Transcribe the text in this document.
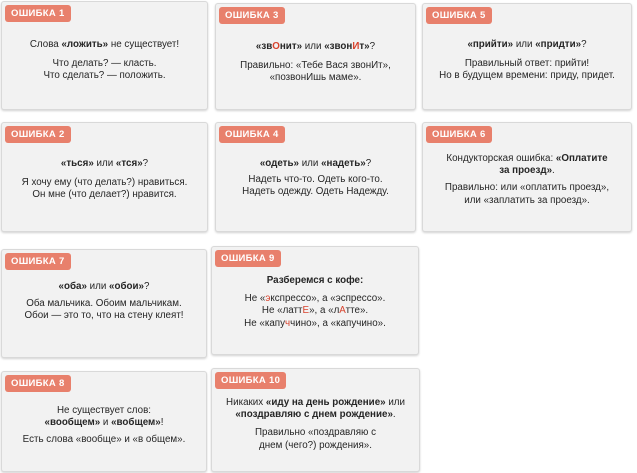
ОШИБКА 1

Слова «ложить» не существует!

Что делать? — класть.

Что сделать? — положить.

ОШИБКА 3

«звОнит» или «звонИт»?

Правильно: «Тебе Вася звонИт»,

«позвонИшь маме».

ОШИБКА 5

«прийти» или «придти»?

Правильный ответ: прийти!

Но в будущем времени: приду, придет.

ОШИБКА 2

«ться» или «тся»?

Я хочу ему (что делать?) нравиться.

Он мне (что делает?) нравится.

ОШИБКА 4

«одеть» или «надеть»?

Надеть что-то. Одеть кого-то.

Надеть одежду. Одеть Надежду.

ОШИБКА 6

Кондукторская ошибка: «Оплатите

за проезд».

Правильно: или «оплатить проезд»,

или «заплатить за проезд».

ОШИБКА 7

«оба» или «обои»?

Оба мальчика. Обоим мальчикам.

Обои — это то, что на стену клеят!

ОШИБКА 9

Разберемся с кофе:

Не «экспрессо», а «эспрессо».

Не «латтЕ», а «лАтте».

Не «капуччино», а «капучино».

ОШИБКА 8

Не существует слов:

«вообщем» и «вобщем»!

Есть слова «вообще» и «в общем».

ОШИБКА 10

Никаких «иду на день рождение» или

«поздравляю с днем рождение».

Правильно «поздравляю с

днем (чего?) рождения».
